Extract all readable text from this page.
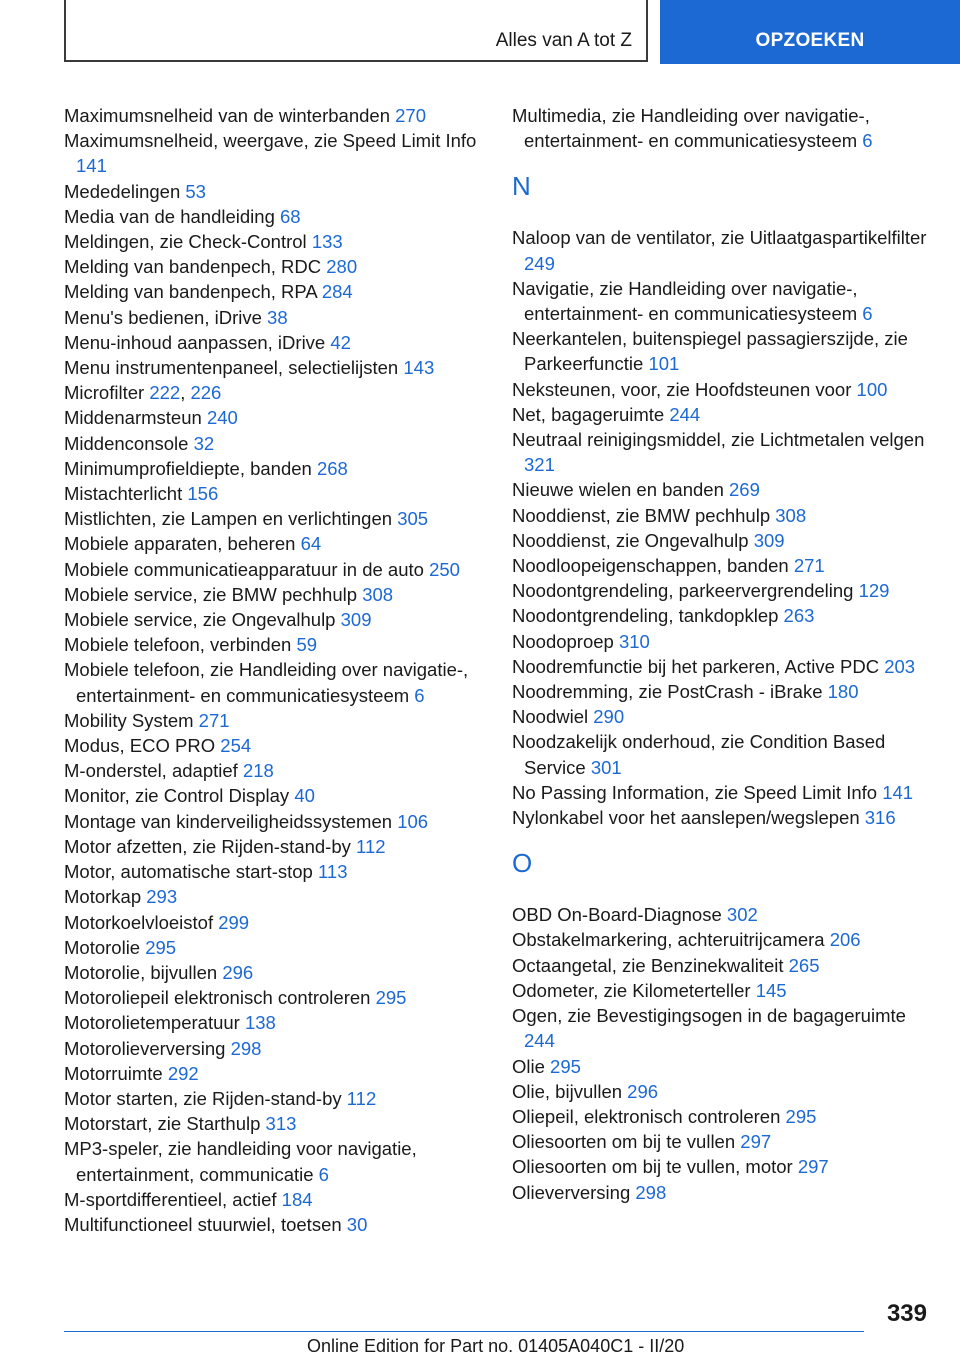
Alles van A tot Z	OPZOEKEN
Maximumsnelheid van de winterbanden 270
Maximumsnelheid, weergave, zie Speed Limit Info 141
Mededelingen 53
Media van de handleiding 68
Meldingen, zie Check-Control 133
Melding van bandenpech, RDC 280
Melding van bandenpech, RPA 284
Menu's bedienen, iDrive 38
Menu-inhoud aanpassen, iDrive 42
Menu instrumentenpaneel, selectielijsten 143
Microfilter 222, 226
Middenarmsteun 240
Middenconsole 32
Minimumprofieldiepte, banden 268
Mistachterlicht 156
Mistlichten, zie Lampen en verlichtingen 305
Mobiele apparaten, beheren 64
Mobiele communicatieapparatuur in de auto 250
Mobiele service, zie BMW pechhulp 308
Mobiele service, zie Ongevalhulp 309
Mobiele telefoon, verbinden 59
Mobiele telefoon, zie Handleiding over navigatie-, entertainment- en communicatiesysteem 6
Mobility System 271
Modus, ECO PRO 254
M-onderstel, adaptief 218
Monitor, zie Control Display 40
Montage van kinderveiligheidssystemen 106
Motor afzetten, zie Rijden-stand-by 112
Motor, automatische start-stop 113
Motorkap 293
Motorkoelvloeistof 299
Motorolie 295
Motorolie, bijvullen 296
Motoroliepeil elektronisch controleren 295
Motorolietemperatuur 138
Motorolieverversing 298
Motorruimte 292
Motor starten, zie Rijden-stand-by 112
Motorstart, zie Starthulp 313
MP3-speler, zie handleiding voor navigatie, entertainment, communicatie 6
M-sportdifferentieel, actief 184
Multifunctioneel stuurwiel, toetsen 30
Multimedia, zie Handleiding over navigatie-, entertainment- en communicatiesysteem 6
N
Naloop van de ventilator, zie Uitlaatgaspartikelfilter 249
Navigatie, zie Handleiding over navigatie-, entertainment- en communicatiesysteem 6
Neerkantelen, buitenspiegel passagierszijde, zie Parkeerfunctie 101
Neksteunen, voor, zie Hoofdsteunen voor 100
Net, bagageruimte 244
Neutraal reinigingsmiddel, zie Lichtmetalen velgen 321
Nieuwe wielen en banden 269
Nooddienst, zie BMW pechhulp 308
Nooddienst, zie Ongevalhulp 309
Noodloopeigenschappen, banden 271
Noodontgrendeling, parkeervergrendeling 129
Noodontgrendeling, tankdopklep 263
Noodoproep 310
Noodremfunctie bij het parkeren, Active PDC 203
Noodremming, zie PostCrash - iBrake 180
Noodwiel 290
Noodzakelijk onderhoud, zie Condition Based Service 301
No Passing Information, zie Speed Limit Info 141
Nylonkabel voor het aanslepen/wegslepen 316
O
OBD On-Board-Diagnose 302
Obstakelmarkering, achteruitrijcamera 206
Octaangetal, zie Benzinekwaliteit 265
Odometer, zie Kilometerteller 145
Ogen, zie Bevestigingsogen in de bagageruimte 244
Olie 295
Olie, bijvullen 296
Oliepeil, elektronisch controleren 295
Oliesoorten om bij te vullen 297
Oliesoorten om bij te vullen, motor 297
Olieverversing 298
339
Online Edition for Part no. 01405A040C1 - II/20
